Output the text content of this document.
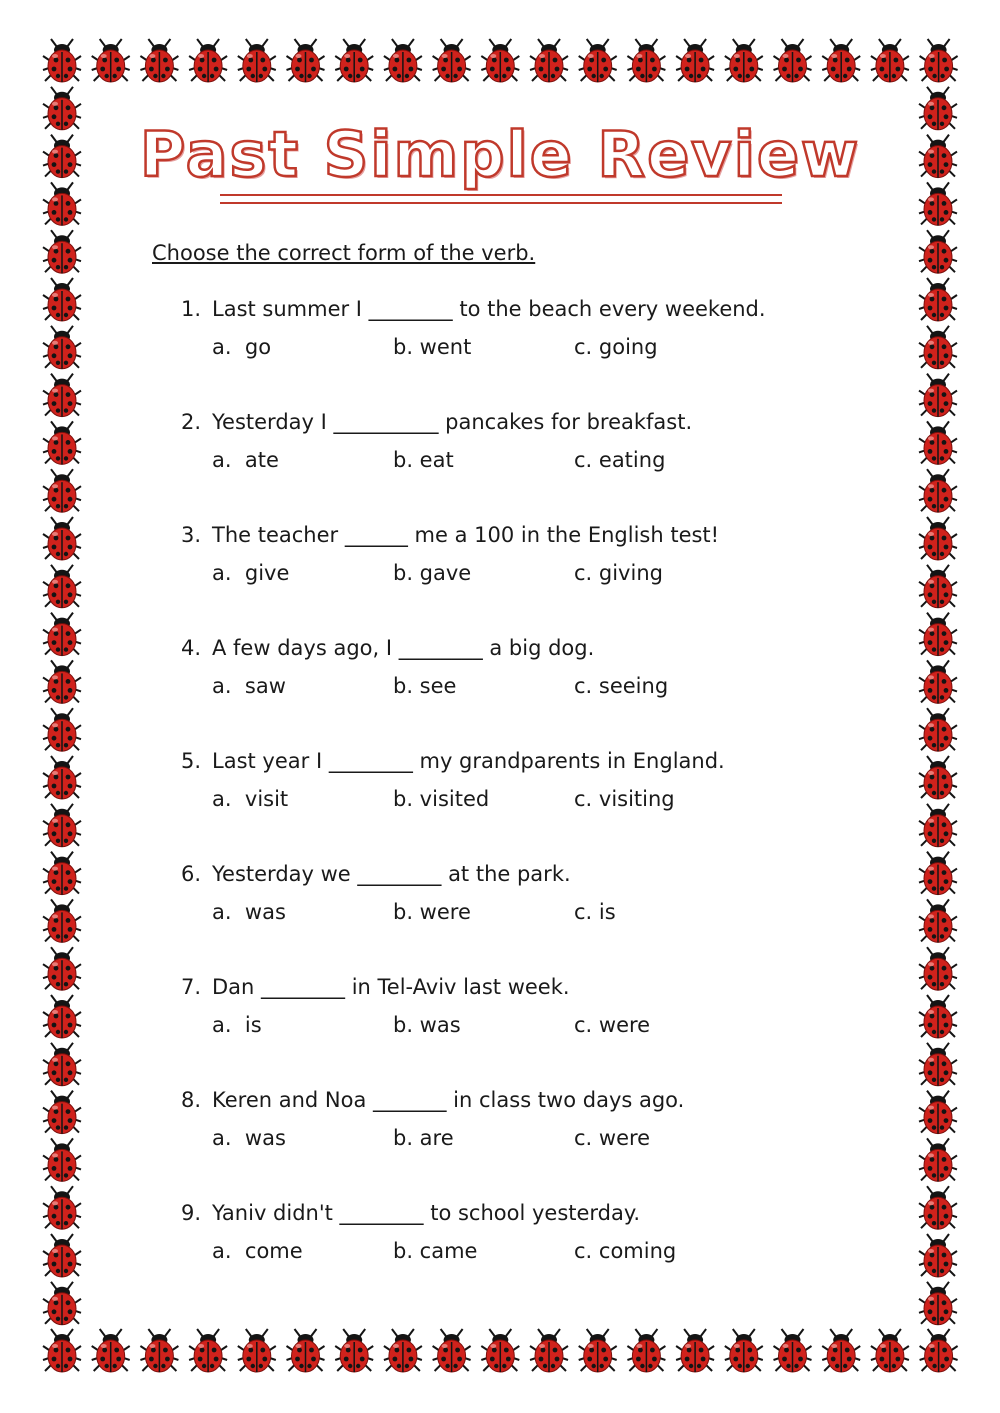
Past Simple Review
Choose the correct form of the verb.
1. Last summer I ________ to the beach every weekend.
a.  go	b. went	c. going
2. Yesterday I __________ pancakes for breakfast.
a.  ate	b. eat	c. eating
3. The teacher ______ me a 100 in the English test!
a.  give	b. gave	c. giving
4. A few days ago, I ________ a big dog.
a.  saw	b. see	c. seeing
5. Last year I ________ my grandparents in England.
a.  visit	b. visited	c. visiting
6. Yesterday we ________ at the park.
a.  was	b. were	c. is
7. Dan ________ in Tel-Aviv last week.
a.  is	b. was	c. were
8. Keren and Noa _______ in class two days ago.
a.  was	b. are	c. were
9. Yaniv didn't ________ to school yesterday.
a.  come	b. came	c. coming
